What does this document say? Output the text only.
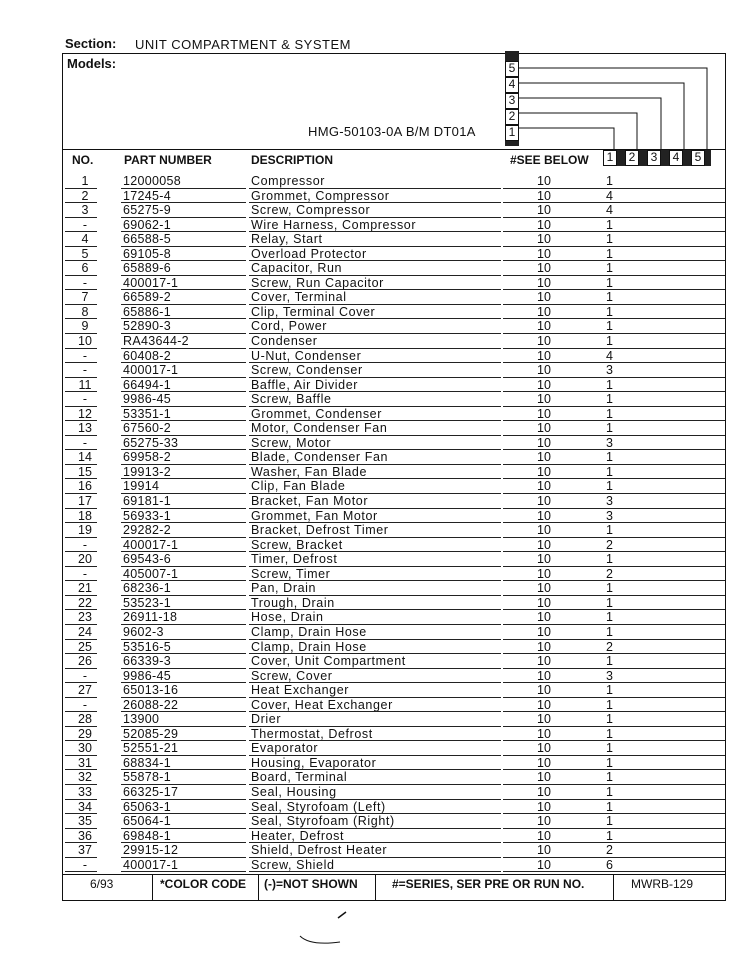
Section: UNIT COMPARTMENT & SYSTEM
Models:
HMG-50103-0A B/M DT01A
5
4
3
2
1
NO.	PART NUMBER	DESCRIPTION	#SEE BELOW	1	2	3	4	5
1	12000058	Compressor	10	1
2	17245-4	Grommet, Compressor	10	4
3	65275-9	Screw, Compressor	10	4
-	69062-1	Wire Harness, Compressor	10	1
4	66588-5	Relay, Start	10	1
5	69105-8	Overload Protector	10	1
6	65889-6	Capacitor, Run	10	1
-	400017-1	Screw, Run Capacitor	10	1
7	66589-2	Cover, Terminal	10	1
8	65886-1	Clip, Terminal Cover	10	1
9	52890-3	Cord, Power	10	1
10 RA43644-2	Condenser	10	1
-	60408-2	U-Nut, Condenser	10	4
-	400017-1	Screw, Condenser	10	3
11	66494-1	Baffle, Air Divider	10	1
-	9986-45	Screw, Baffle	10	1
12 53351-1	Grommet, Condenser	10	1
13 67560-2	Motor, Condenser Fan	10	1
-	65275-33	Screw, Motor	10	3
14 69958-2	Blade, Condenser Fan	10	1
15 19913-2	Washer, Fan Blade	10	1
16 19914	Clip, Fan Blade	10	1
17 69181-1	Bracket, Fan Motor	10	3
18 56933-1	Grommet, Fan Motor	10	3
19 29282-2	Bracket, Defrost Timer	10	1
-	400017-1	Screw, Bracket	10	2
20 69543-6	Timer, Defrost	10	1
-	405007-1	Screw, Timer	10	2
21 68236-1	Pan, Drain	10	1
22 53523-1	Trough, Drain	10	1
23 26911-18	Hose, Drain	10	1
24 9602-3	Clamp, Drain Hose	10	1
25 53516-5	Clamp, Drain Hose	10	2
26 66339-3	Cover, Unit Compartment	10	1
-	9986-45	Screw, Cover	10	3
27 65013-16	Heat Exchanger	10	1
-	26088-22	Cover, Heat Exchanger	10	1
28 13900	Drier	10	1
29 52085-29	Thermostat, Defrost	10	1
30 52551-21	Evaporator	10	1
31 68834-1	Housing, Evaporator	10	1
32 55878-1	Board, Terminal	10	1
33 66325-17	Seal, Housing	10	1
34 65063-1	Seal, Styrofoam (Left)	10	1
35 65064-1	Seal, Styrofoam (Right)	10	1
36 69848-1	Heater, Defrost	10	1
37 29915-12	Shield, Defrost Heater	10	2
-	400017-1	Screw, Shield	10	6
6/93	*COLOR CODE (-)=NOT SHOWN	#=SERIES, SER PRE OR RUN NO.	MWRB-129
